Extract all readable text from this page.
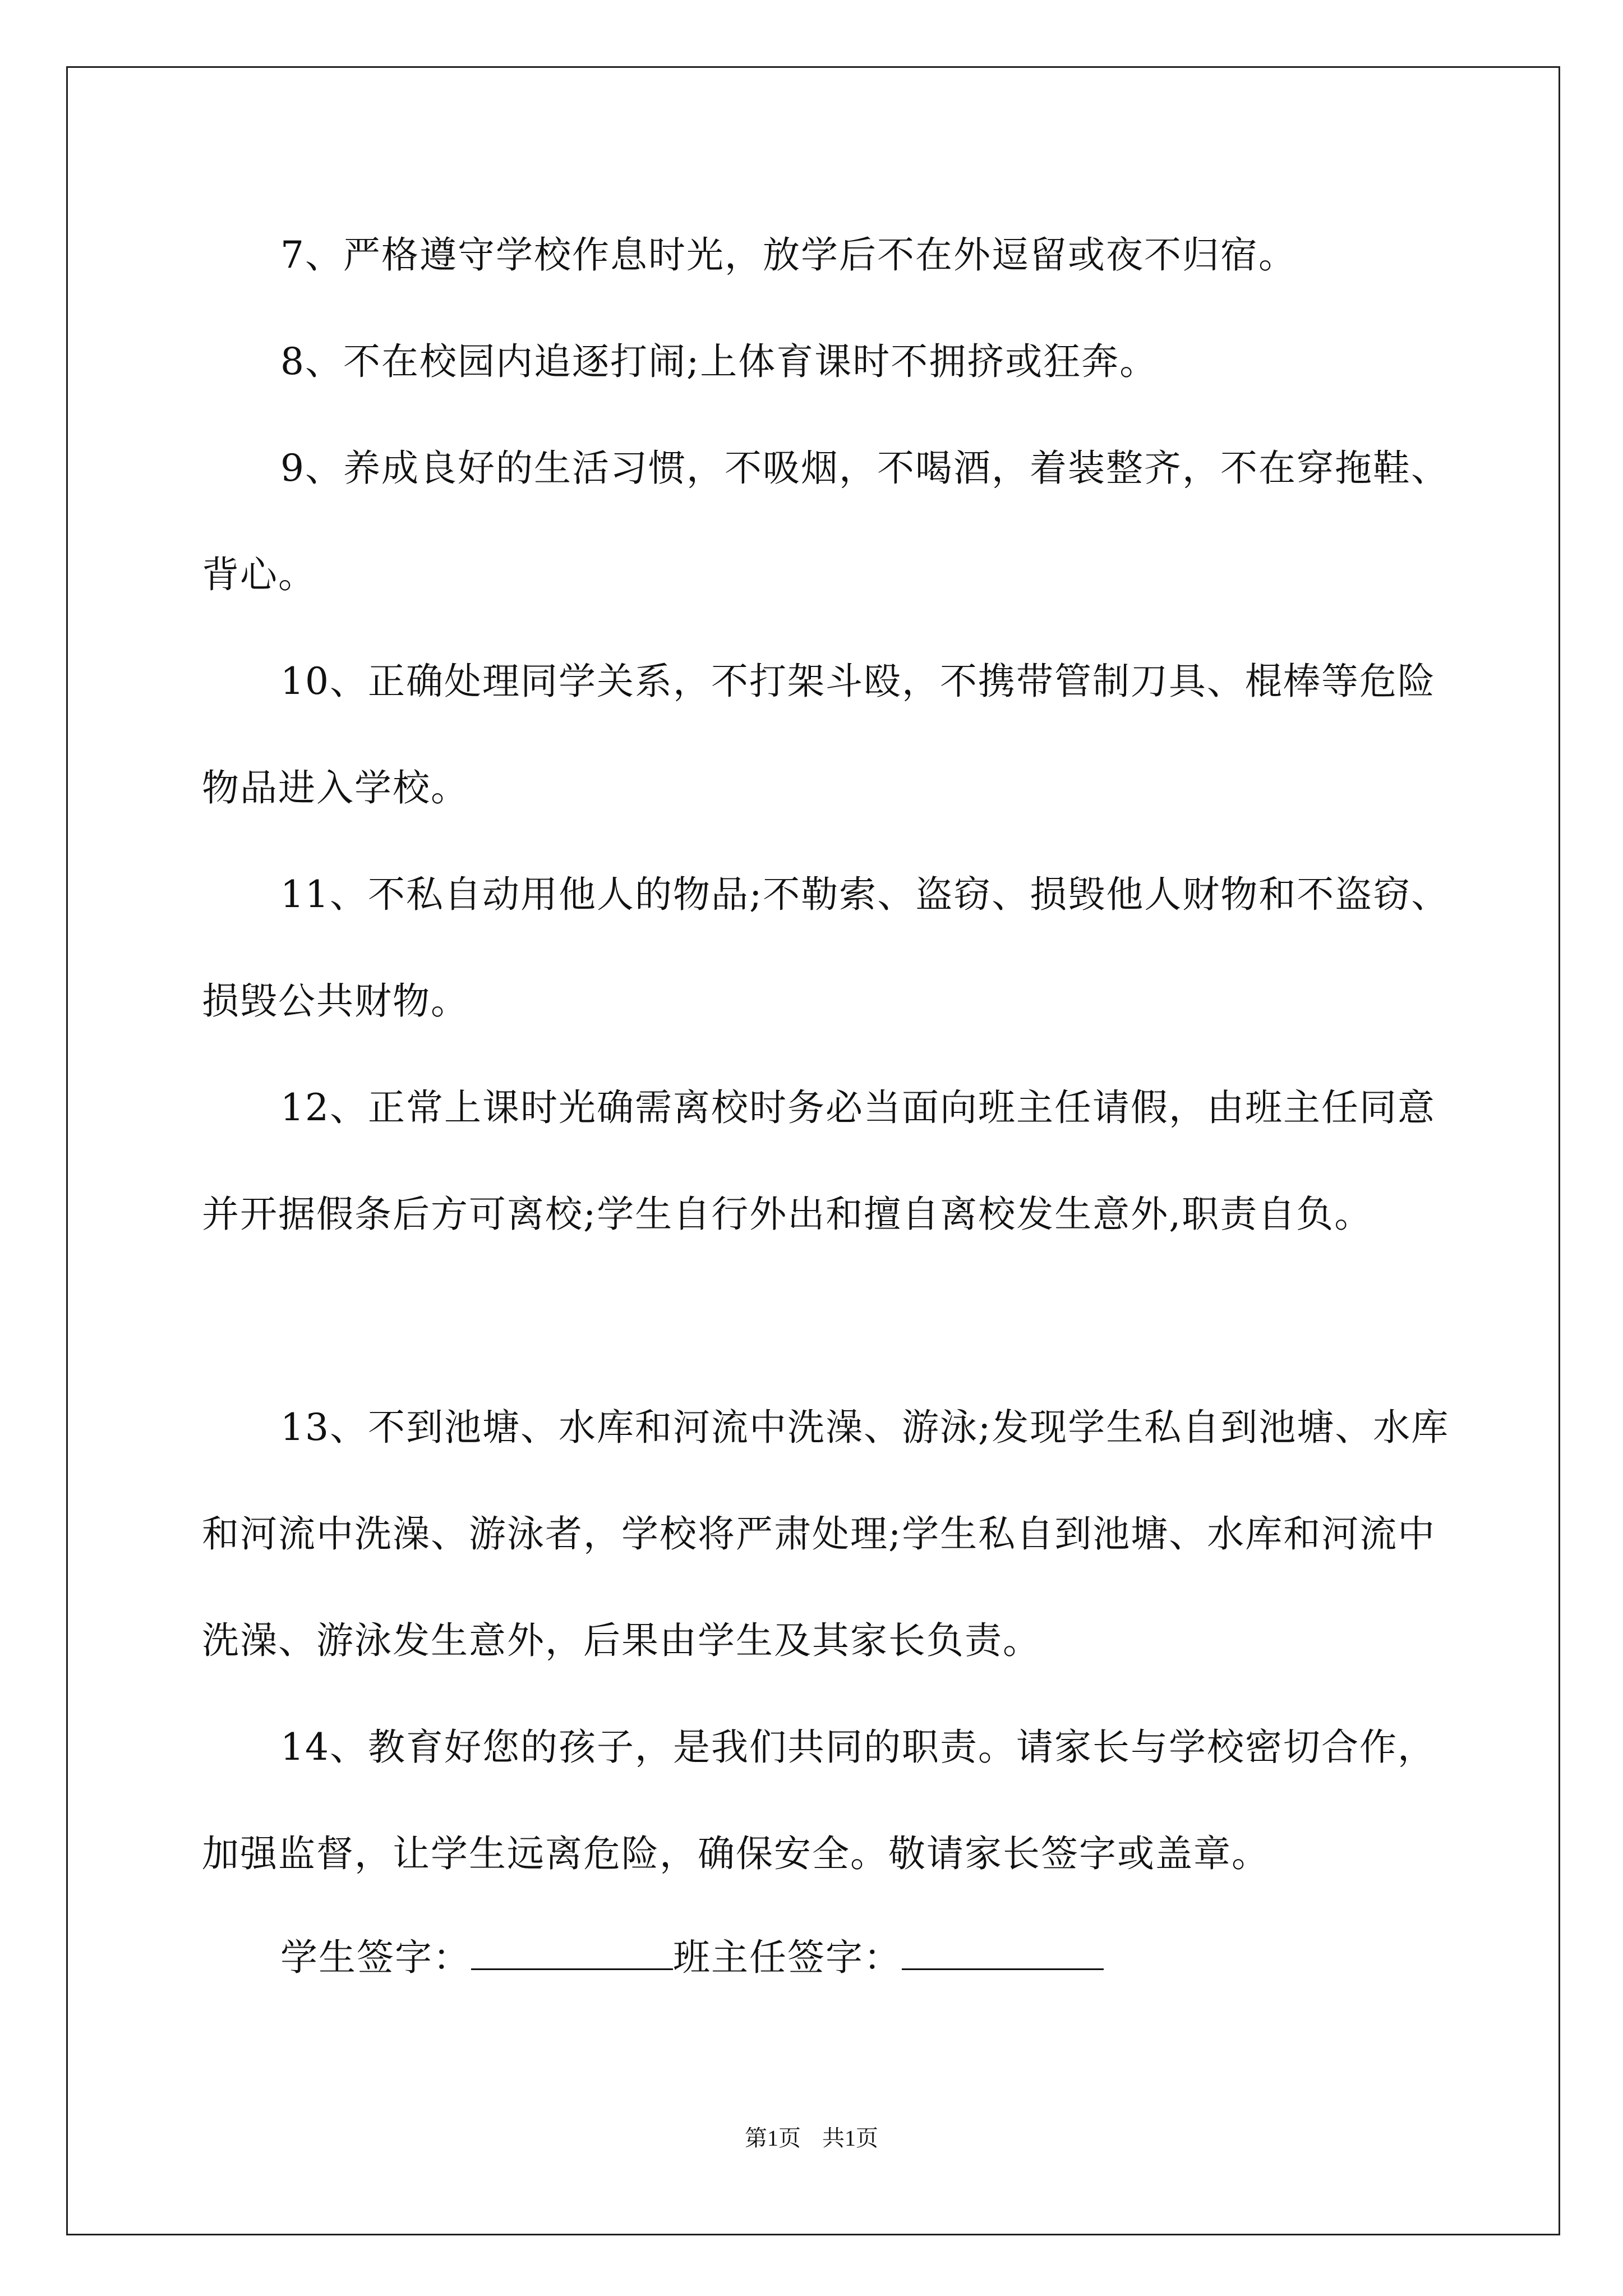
7、严格遵守学校作息时光，放学后不在外逗留或夜不归宿。
8、不在校园内追逐打闹;上体育课时不拥挤或狂奔。
9、养成良好的生活习惯，不吸烟，不喝酒，着装整齐，不在穿拖鞋、背心。
10、正确处理同学关系，不打架斗殴，不携带管制刀具、棍棒等危险物品进入学校。
11、不私自动用他人的物品;不勒索、盗窃、损毁他人财物和不盗窃、损毁公共财物。
12、正常上课时光确需离校时务必当面向班主任请假，由班主任同意并开据假条后方可离校;学生自行外出和擅自离校发生意外,职责自负。
13、不到池塘、水库和河流中洗澡、游泳;发现学生私自到池塘、水库和河流中洗澡、游泳者，学校将严肃处理;学生私自到池塘、水库和河流中洗澡、游泳发生意外，后果由学生及其家长负责。
14、教育好您的孩子，是我们共同的职责。请家长与学校密切合作，加强监督，让学生远离危险，确保安全。敬请家长签字或盖章。
学生签字：	班主任签字：
第1页 共1页
